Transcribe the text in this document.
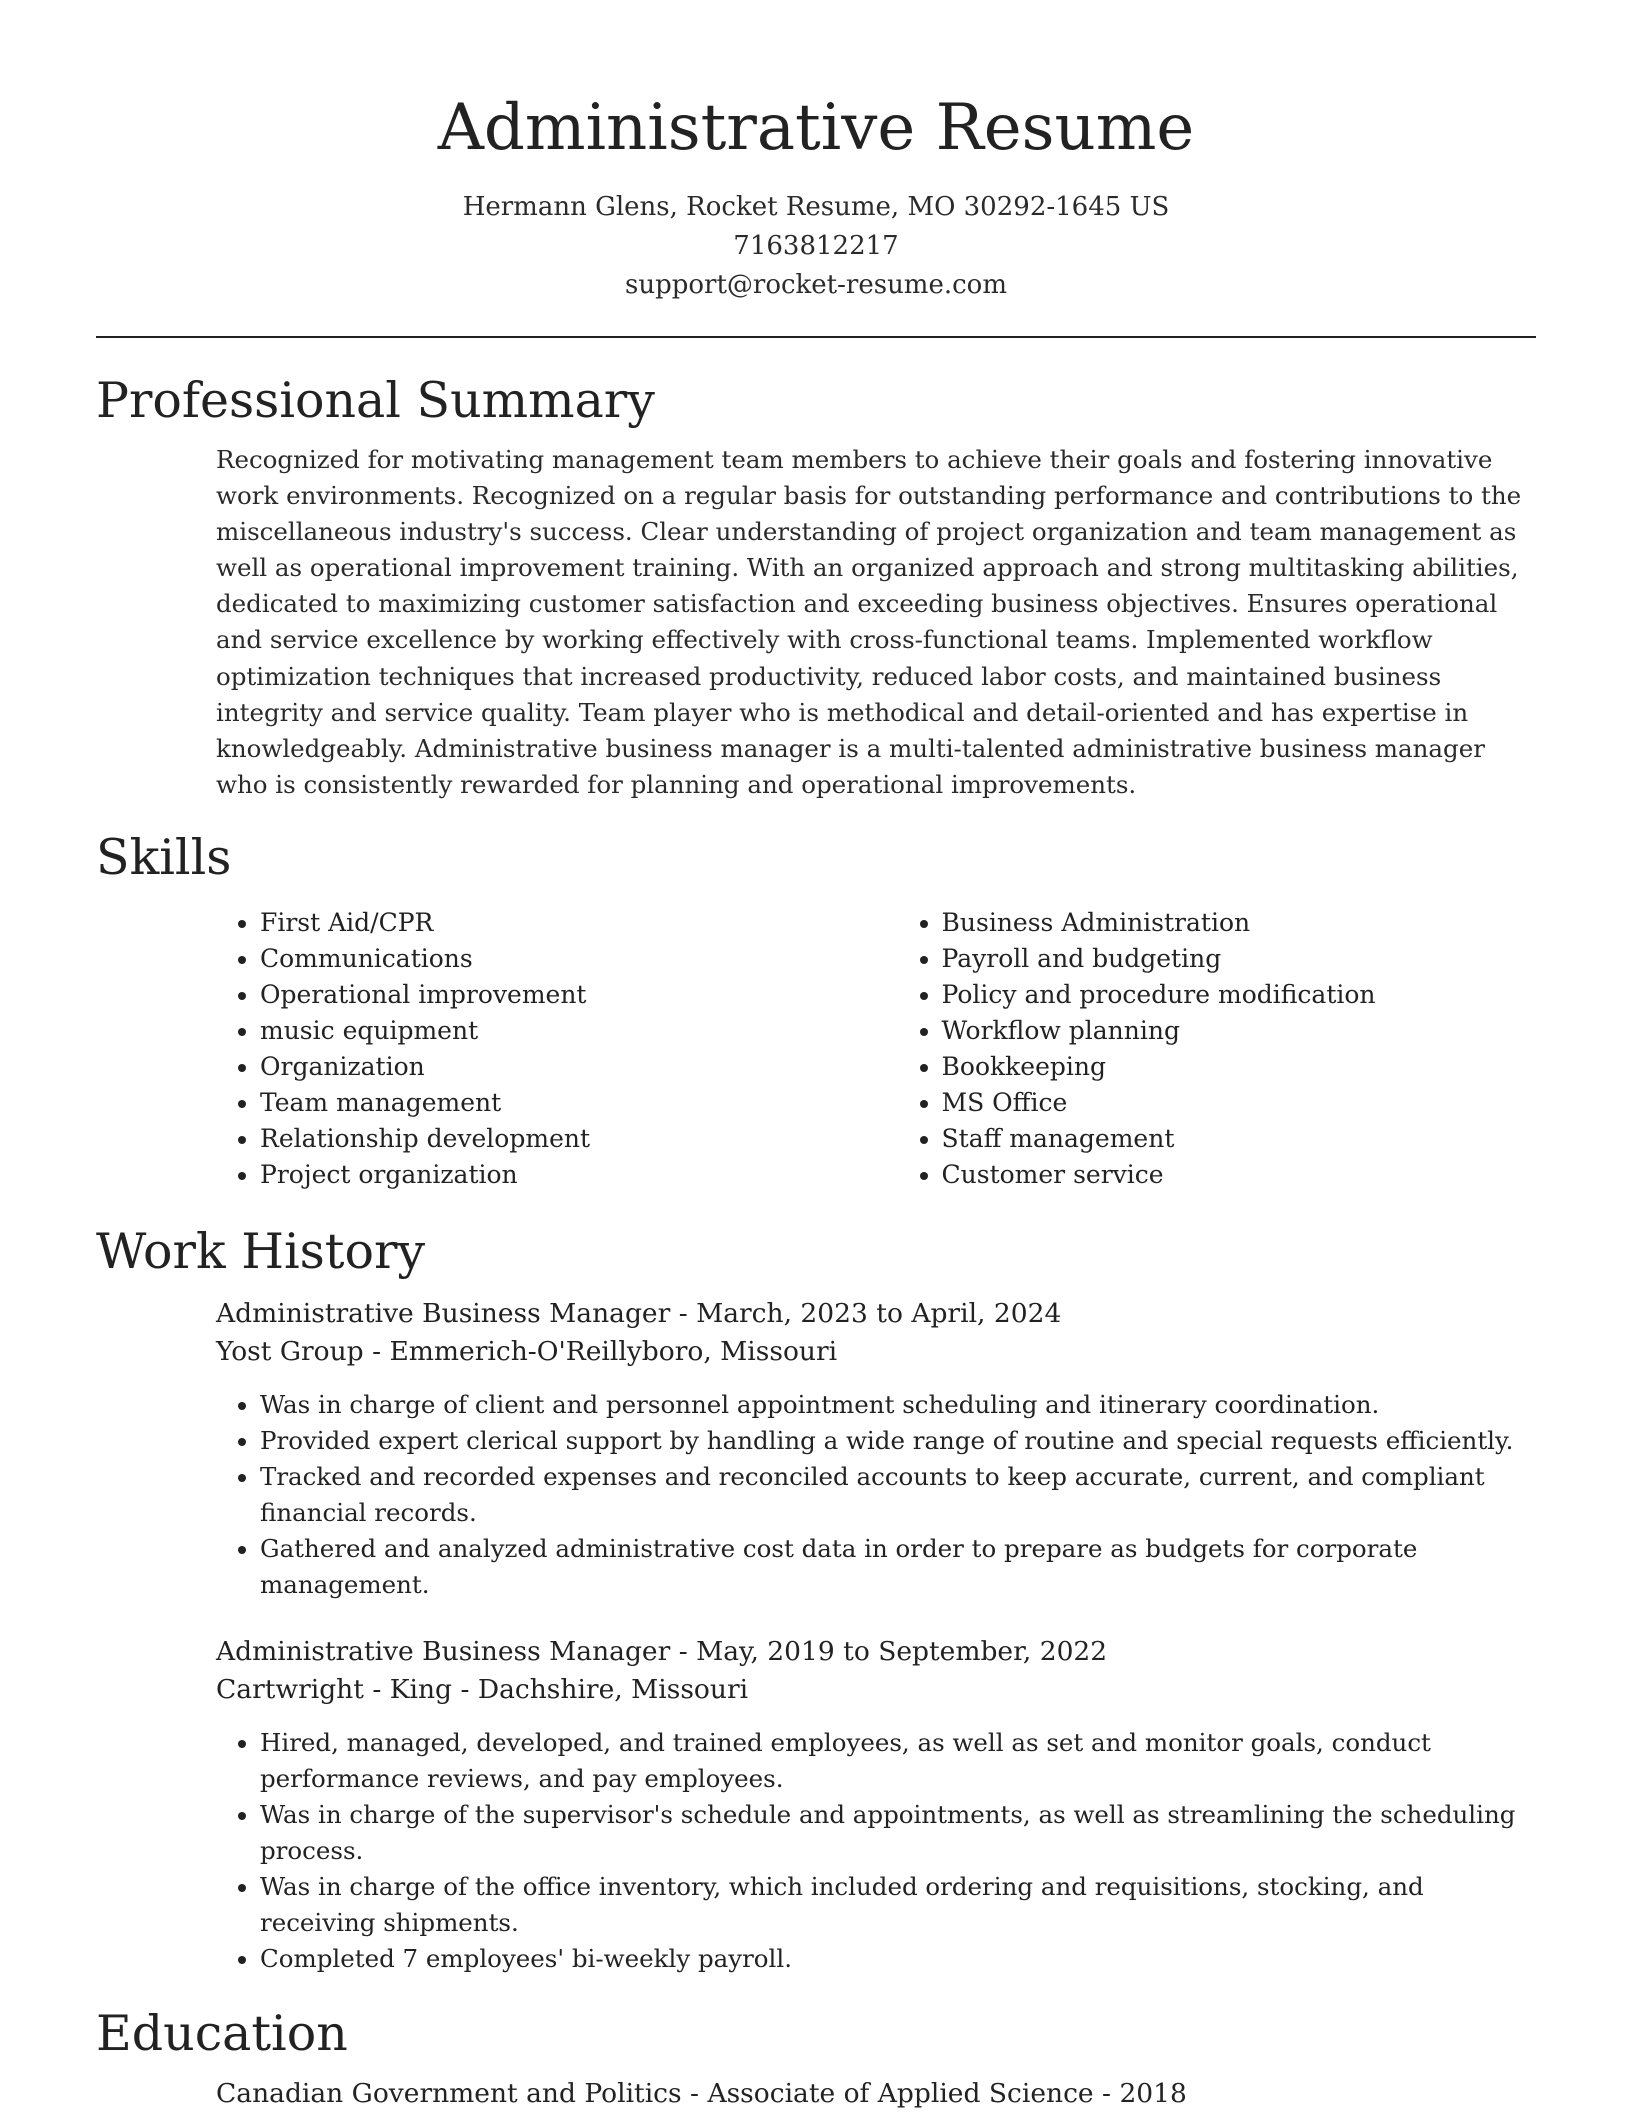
Administrative Resume
Hermann Glens, Rocket Resume, MO 30292-1645 US
7163812217
support@rocket-resume.com
Professional Summary

Recognized for motivating management team members to achieve their goals and fostering innovative work environments. Recognized on a regular basis for outstanding performance and contributions to the miscellaneous industry's success. Clear understanding of project organization and team management as well as operational improvement training. With an organized approach and strong multitasking abilities, dedicated to maximizing customer satisfaction and exceeding business objectives. Ensures operational and service excellence by working effectively with cross-functional teams. Implemented workflow optimization techniques that increased productivity, reduced labor costs, and maintained business integrity and service quality. Team player who is methodical and detail-oriented and has expertise in knowledgeably. Administrative business manager is a multi-talented administrative business manager who is consistently rewarded for planning and operational improvements.

Skills
• First Aid/CPR
• Communications
• Operational improvement
• music equipment
• Organization
• Team management
• Relationship development
• Project organization
• Business Administration
• Payroll and budgeting
• Policy and procedure modification
• Workflow planning
• Bookkeeping
• MS Office
• Staff management
• Customer service
Work History

Administrative Business Manager - March, 2023 to April, 2024

Yost Group - Emmerich-O'Reillyboro, Missouri

• Was in charge of client and personnel appointment scheduling and itinerary coordination.
• Provided expert clerical support by handling a wide range of routine and special requests efficiently.
• Tracked and recorded expenses and reconciled accounts to keep accurate, current, and compliant financial records.
• Gathered and analyzed administrative cost data in order to prepare as budgets for corporate management.

Administrative Business Manager - May, 2019 to September, 2022

Cartwright - King - Dachshire, Missouri

• Hired, managed, developed, and trained employees, as well as set and monitor goals, conduct performance reviews, and pay employees.
• Was in charge of the supervisor's schedule and appointments, as well as streamlining the scheduling process.
• Was in charge of the office inventory, which included ordering and requisitions, stocking, and receiving shipments.
• Completed 7 employees' bi-weekly payroll.
Education

Canadian Government and Politics - Associate of Applied Science - 2018
